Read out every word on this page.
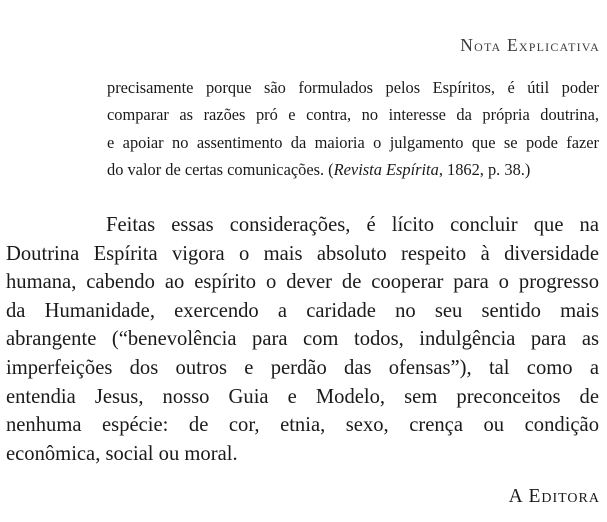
Nota Explicativa
precisamente porque são formulados pelos Espíritos, é útil poder
comparar as razões pró e contra, no interesse da própria doutrina,
e apoiar no assentimento da maioria o julgamento que se pode fazer
do valor de certas comunicações. (Revista Espírita, 1862, p. 38.)
Feitas essas considerações, é lícito concluir que na
Doutrina Espírita vigora o mais absoluto respeito à diversidade
humana, cabendo ao espírito o dever de cooperar para o progresso
da Humanidade, exercendo a caridade no seu sentido mais
abrangente (“benevolência para com todos, indulgência para as
imperfeições dos outros e perdão das ofensas”), tal como a
entendia Jesus, nosso Guia e Modelo, sem preconceitos de
nenhuma espécie: de cor, etnia, sexo, crença ou condição
econômica, social ou moral.
A Editora
